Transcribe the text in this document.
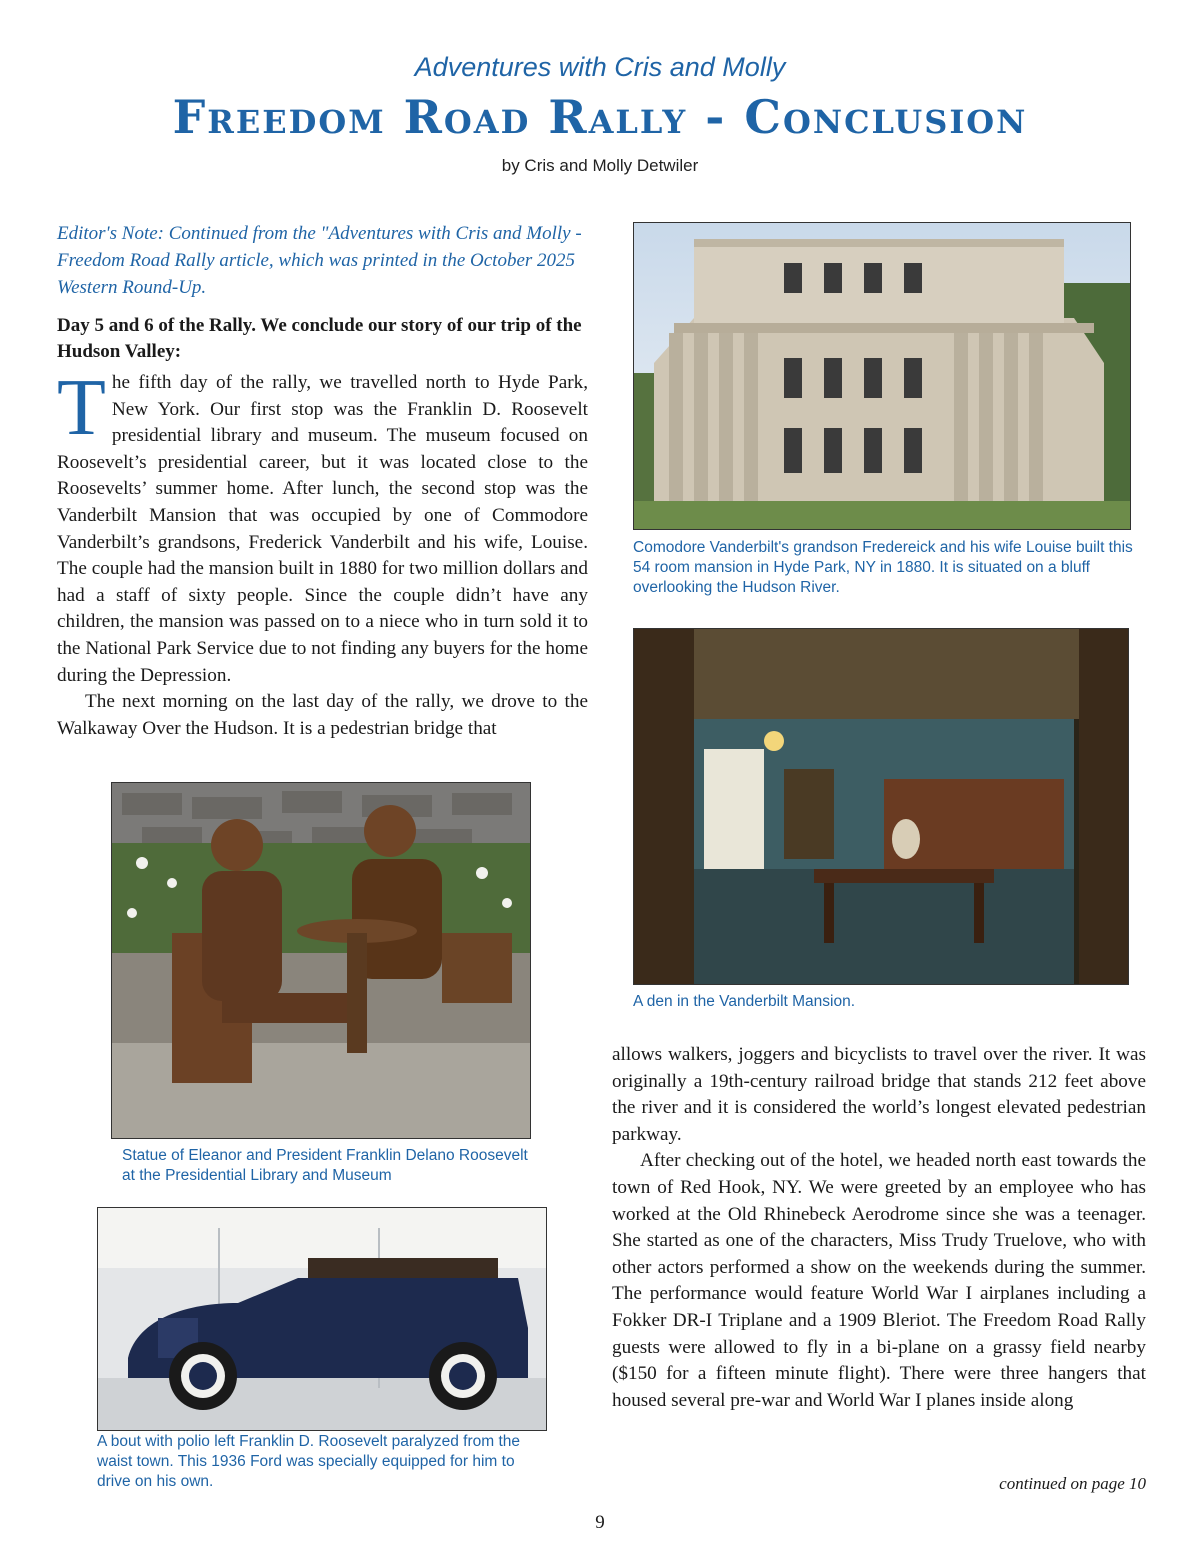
Adventures with Cris and Molly
Freedom Road Rally - Conclusion
by Cris and Molly Detwiler
Editor's Note: Continued from the "Adventures with Cris and Molly - Freedom Road Rally article, which was printed in the October 2025 Western Round-Up.
Day 5 and 6 of the Rally. We conclude our story of our trip of the Hudson Valley:

The fifth day of the rally, we travelled north to Hyde Park, New York. Our first stop was the Franklin D. Roosevelt presidential library and museum. The museum focused on Roosevelt’s presidential career, but it was located close to the Roosevelts’ summer home. After lunch, the second stop was the Vanderbilt Mansion that was occupied by one of Commodore Vanderbilt’s grandsons, Frederick Vanderbilt and his wife, Louise. The couple had the mansion built in 1880 for two million dollars and had a staff of sixty people. Since the couple didn’t have any children, the mansion was passed on to a niece who in turn sold it to the National Park Service due to not finding any buyers for the home during the Depression.

The next morning on the last day of the rally, we drove to the Walkaway Over the Hudson. It is a pedestrian bridge that

Comodore Vanderbilt's grandson Fredereick and his wife Louise built this 54 room mansion in Hyde Park, NY in 1880. It is situated on a bluff overlooking the Hudson River.
A den in the Vanderbilt Mansion.
Statue of Eleanor and President Franklin Delano Roosevelt at the Presidential Library and Museum
A bout with polio left Franklin D. Roosevelt paralyzed from the waist town. This 1936 Ford was specially equipped for him to drive on his own.

allows walkers, joggers and bicyclists to travel over the river. It was originally a 19th-century railroad bridge that stands 212 feet above the river and it is considered the world’s longest elevated pedestrian parkway.

After checking out of the hotel, we headed north east towards the town of Red Hook, NY. We were greeted by an employee who has worked at the Old Rhinebeck Aerodrome since she was a teenager. She started as one of the characters, Miss Trudy Truelove, who with other actors performed a show on the weekends during the summer. The performance would feature World War I airplanes including a Fokker DR-I Triplane and a 1909 Bleriot. The Freedom Road Rally guests were allowed to fly in a bi-plane on a grassy field nearby ($150 for a fifteen minute flight). There were three hangers that housed several pre-war and World War I planes inside along

continued on page 10
9
